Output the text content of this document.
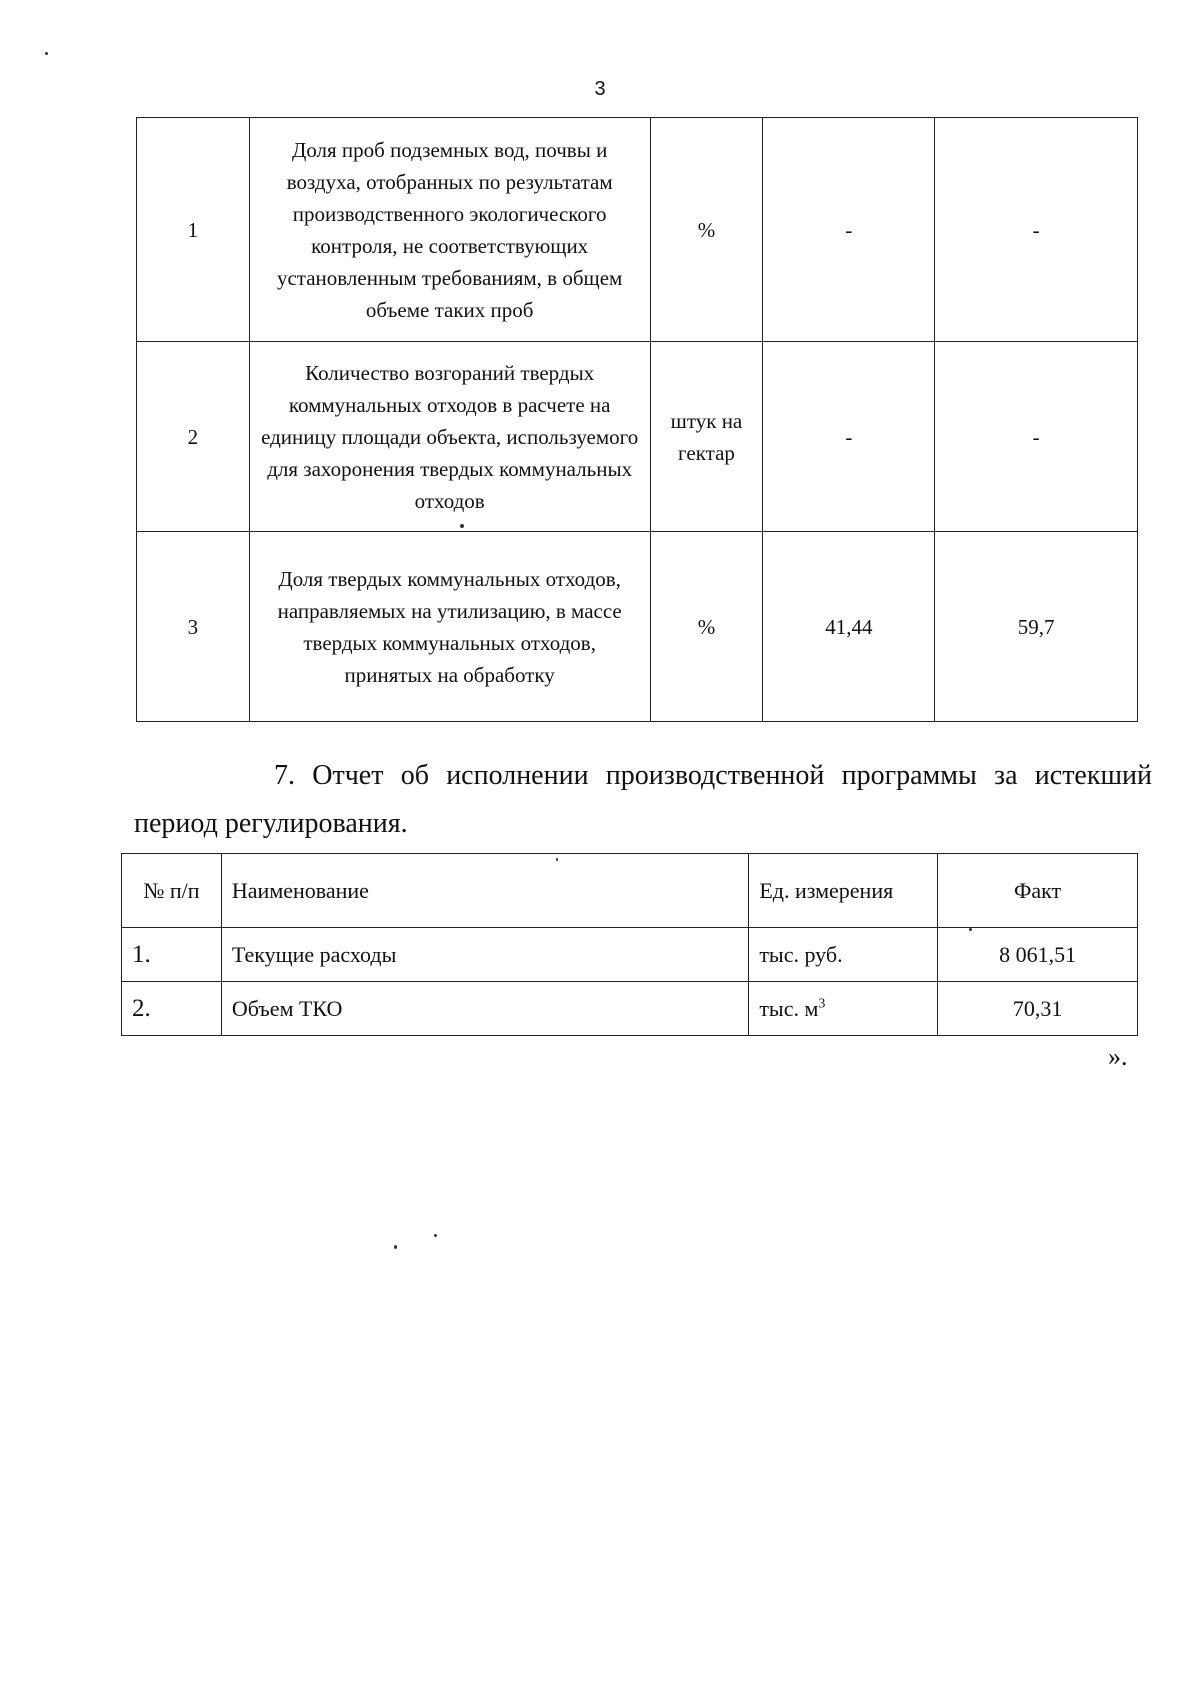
3
1	Доля проб подземных вод, почвы и воздуха, отобранных по результатам производственного экологического контроля, не соответствующих установленным требованиям, в общем объеме таких проб	%	-	-
2	Количество возгораний твердых коммунальных отходов в расчете на единицу площади объекта, используемого для захоронения твердых коммунальных отходов	штук на гектар	-	-
3	Доля твердых коммунальных отходов, направляемых на утилизацию, в массе твердых коммунальных отходов, принятых на обработку	%	41,44	59,7
7. Отчет об исполнении производственной программы за истекший
период регулирования.
№ п/п	Наименование	Ед. измерения	Факт
1.	Текущие расходы	тыс. руб.	8 061,51
2.	Объем ТКО	тыс. $м^3$	70,31
».
